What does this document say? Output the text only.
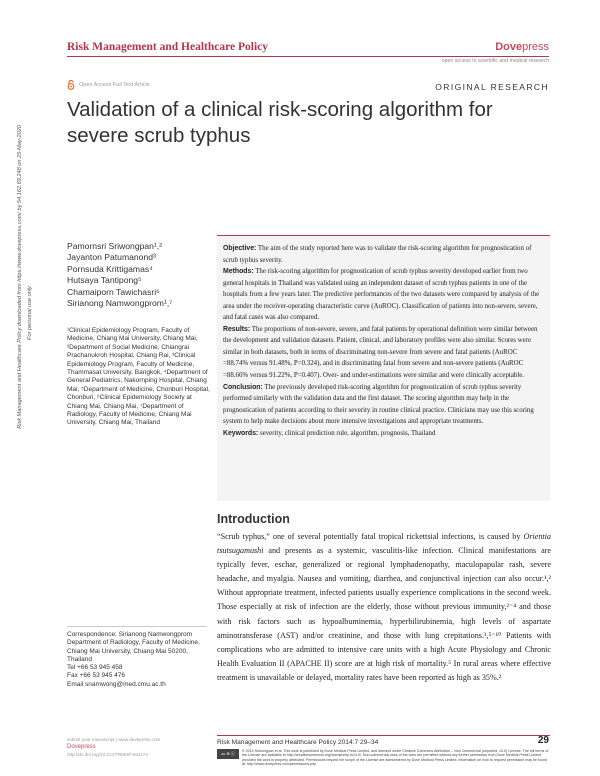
Risk Management and Healthcare Policy	Dovepress
open access to scientific and medical research
Open Access Full Text Article	ORIGINAL RESEARCH
Validation of a clinical risk-scoring algorithm for severe scrub typhus
Risk Management and Healthcare Policy downloaded from https://www.dovepress.com/ by 54.162.69.248 on 25-May-2020 For personal use only.
Pamornsri Sriwongpan¹,²
Jayanton Patumanond³
Pornsuda Krittigamas⁴
Hutsaya Tantipong⁵
Chamaiporn Tawichasri⁶
Sirianong Namwongprom¹,⁷
¹Clinical Epidemiology Program, Faculty of Medicine, Chiang Mai University, Chiang Mai, ²Department of Social Medicine, Chiangrai Prachanukroh Hospital, Chiang Rai, ³Clinical Epidemiology Program, Faculty of Medicine, Thammasat University, Bangkok, ⁴Department of General Pediatrics, Nakornping Hospital, Chiang Mai, ⁵Department of Medicine, Chonburi Hospital, Chonburi, ⁶Clinical Epidemiology Society at Chiang Mai, Chiang Mai, ⁷Department of Radiology, Faculty of Medicine, Chiang Mai University, Chiang Mai, Thailand
Correspondence: Sirianong Namwongprom
Department of Radiology, Faculty of Medicine, Chiang Mai University, Chiang Mai 50200, Thailand
Tel +66 53 945 458
Fax +66 53 945 476
Email snamwong@med.cmu.ac.th

Objective: The aim of the study reported here was to validate the risk-scoring algorithm for prognostication of scrub typhus severity.

Methods: The risk-scoring algorithm for prognostication of scrub typhus severity developed earlier from two general hospitals in Thailand was validated using an independent dataset of scrub typhus patients in one of the hospitals from a few years later. The predictive performances of the two datasets were compared by analysis of the area under the receiver-operating characteristic curve (AuROC). Classification of patients into non-severe, severe, and fatal cases was also compared.

Results: The proportions of non-severe, severe, and fatal patients by operational definition were similar between the development and validation datasets. Patient, clinical, and laboratory profiles were also similar. Scores were similar in both datasets, both in terms of discriminating non-severe from severe and fatal patients (AuROC =88.74% versus 91.48%, P=0.324), and in discriminating fatal from severe and non-severe patients (AuROC =88.66% versus 91.22%, P=0.407). Over- and under-estimations were similar and were clinically acceptable.

Conclusion: The previously developed risk-scoring algorithm for prognostication of scrub typhus severity performed similarly with the validation data and the first dataset. The scoring algorithm may help in the prognostication of patients according to their severity in routine clinical practice. Clinicians may use this scoring system to help make decisions about more intensive investigations and appropriate treatments.

Keywords: severity, clinical prediction rule, algorithm, prognosis, Thailand

Introduction
“Scrub typhus,” one of several potentially fatal tropical rickettsial infections, is caused by Orientia tsutsugamushi and presents as a systemic, vasculitis-like infection. Clinical manifestations are typically fever, eschar, generalized or regional lymphadenopathy, maculopapular rash, severe headache, and myalgia. Nausea and vomiting, diarrhea, and conjunctival injection can also occur.¹,² Without appropriate treatment, infected patients usually experience complications in the second week. Those especially at risk of infection are the elderly, those without previous immunity,²⁻⁴ and those with risk factors such as hypoalbuminemia, hyperbilirubinemia, high levels of aspartate aminotransferase (AST) and/or creatinine, and those with lung crepitations.³,⁵⁻¹⁰ Patients with complications who are admitted to intensive care units with a high Acute Physiology and Chronic Health Evaluation II (APACHE II) score are at high risk of mortality.⁵ In rural areas where effective treatment is unavailable or delayed, mortality rates have been reported as high as 35%.²
submit your manuscript | www.dovepress.com
Dovepress
http://dx.doi.org/10.2147/RMHP.S54174
Risk Management and Healthcare Policy 2014:7 29–34	29
cc ⊕ ⓢ	© 2014 Sriwongpan et al. This work is published by Dove Medical Press Limited, and licensed under Creative Commons Attribution – Non Commercial (unported, v3.0) License. The full terms of the License are available at http://creativecommons.org/licenses/by-nc/3.0/. Non-commercial uses of the work are permitted without any further permission from Dove Medical Press Limited, provided the work is properly attributed. Permissions beyond the scope of the License are administered by Dove Medical Press Limited. Information on how to request permission may be found at: http://www.dovepress.com/permissions.php
